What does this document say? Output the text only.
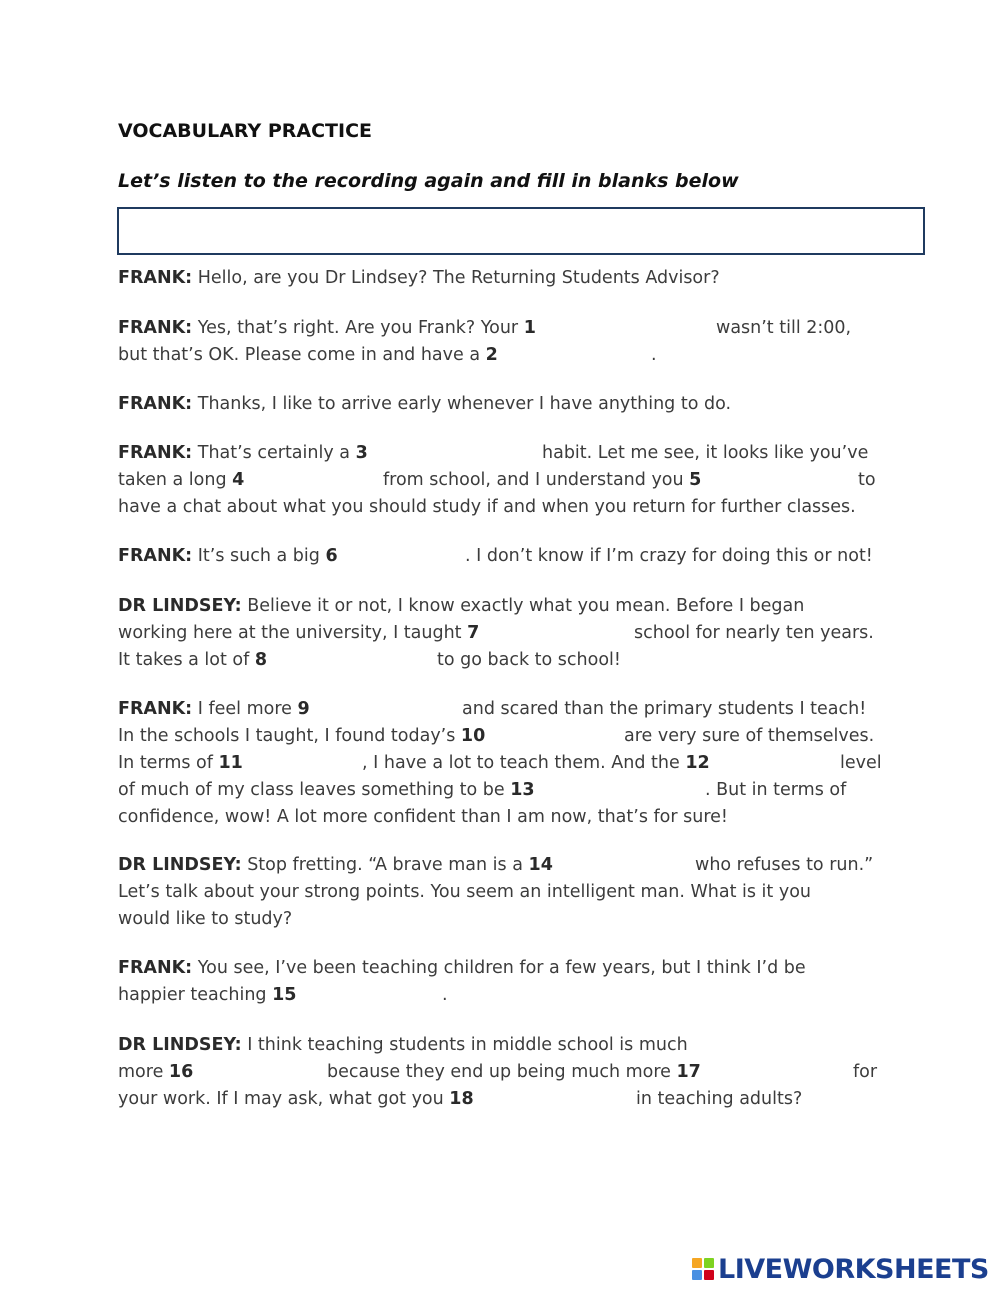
VOCABULARY PRACTICE
Let’s listen to the recording again and fill in blanks below
FRANK: Hello, are you Dr Lindsey? The Returning Students Advisor?
FRANK: Yes, that’s right. Are you Frank? Your 1	wasn’t till 2:00,
but that’s OK. Please come in and have a 2	.
FRANK: Thanks, I like to arrive early whenever I have anything to do.
FRANK: That’s certainly a 3	habit. Let me see, it looks like you’ve
taken a long 4	from school, and I understand you 5	to
have a chat about what you should study if and when you return for further classes.
FRANK: It’s such a big 6	. I don’t know if I’m crazy for doing this or not!
DR LINDSEY: Believe it or not, I know exactly what you mean. Before I began
working here at the university, I taught 7	school for nearly ten years.
It takes a lot of 8	to go back to school!
FRANK: I feel more 9	and scared than the primary students I teach!
In the schools I taught, I found today’s 10	are very sure of themselves.
In terms of 11	, I have a lot to teach them. And the 12	level
of much of my class leaves something to be 13	. But in terms of
confidence, wow! A lot more confident than I am now, that’s for sure!
DR LINDSEY: Stop fretting. “A brave man is a 14	who refuses to run.”
Let’s talk about your strong points. You seem an intelligent man. What is it you
would like to study?
FRANK: You see, I’ve been teaching children for a few years, but I think I’d be
happier teaching 15	.
DR LINDSEY: I think teaching students in middle school is much
more 16	because they end up being much more 17	for
your work. If I may ask, what got you 18	in teaching adults?
LIVEWORKSHEETS
